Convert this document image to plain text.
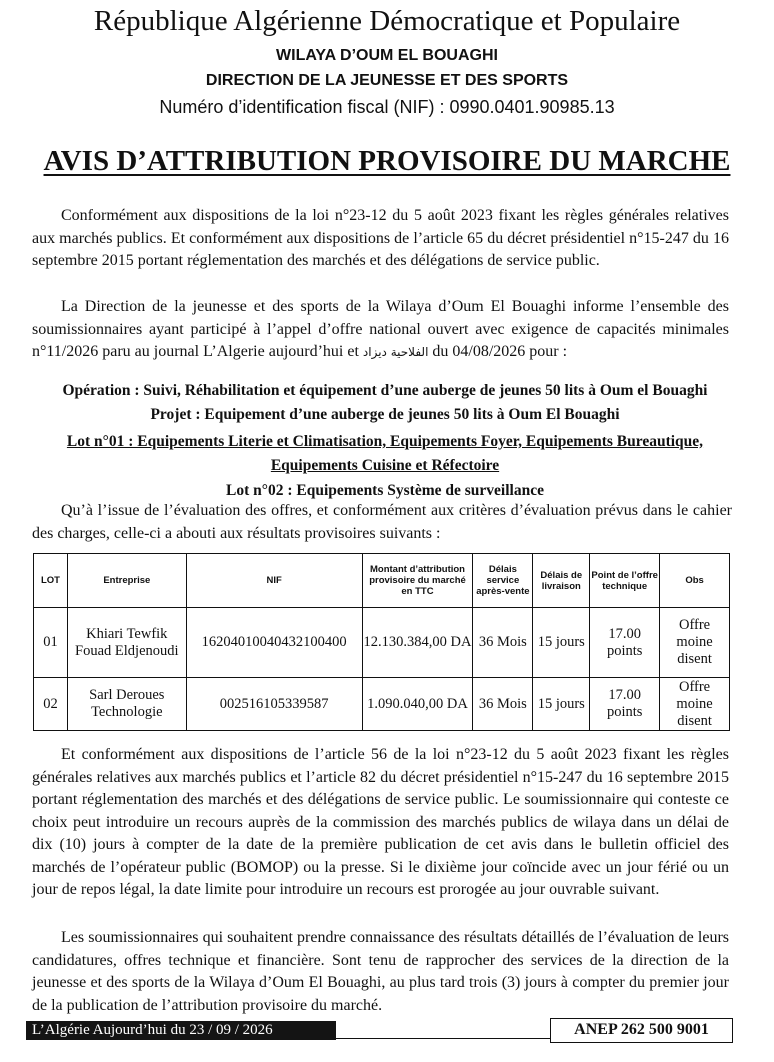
République Algérienne Démocratique et Populaire
WILAYA D’OUM EL BOUAGHI
DIRECTION DE LA JEUNESSE ET DES SPORTS
Numéro d’identification fiscal (NIF) : 0990.0401.90985.13
AVIS D’ATTRIBUTION PROVISOIRE DU MARCHE
Conformément aux dispositions de la loi n°23-12 du 5 août 2023 fixant les règles générales relatives aux marchés publics. Et conformément aux dispositions de l’article 65 du décret présidentiel n°15-247 du 16 septembre 2015 portant réglementation des marchés et des délégations de service public.
La Direction de la jeunesse et des sports de la Wilaya d’Oum El Bouaghi informe l’ensemble des soumissionnaires ayant participé à l’appel d’offre national ouvert avec exigence de capacités minimales n°11/2026 paru au journal L’Algerie aujourd’hui et الفلاحية ديزاد du 04/08/2026 pour :
Opération : Suivi, Réhabilitation et équipement d’une auberge de jeunes 50 lits à Oum el Bouaghi
Projet : Equipement d’une auberge de jeunes 50 lits à Oum El Bouaghi
Lot n°01 : Equipements Literie et Climatisation, Equipements Foyer, Equipements Bureautique,
Equipements Cuisine et Réfectoire
Lot n°02 : Equipements Système de surveillance
Qu’à l’issue de l’évaluation des offres, et conformément aux critères d’évaluation prévus dans le cahier des charges, celle-ci a abouti aux résultats provisoires suivants :
LOT	Entreprise	NIF	Montant d’attribution provisoire du marché en TTC	Délais service après-vente	Délais de livraison	Point de l’offre technique	Obs
01	Khiari Tewfik Fouad Eldjenoudi	16204010040432100400	12.130.384,00 DA	36 Mois	15 jours	17.00 points	Offre moine disent
02	Sarl Deroues Technologie	002516105339587	1.090.040,00 DA	36 Mois	15 jours	17.00 points	Offre moine disent
Et conformément aux dispositions de l’article 56 de la loi n°23-12 du 5 août 2023 fixant les règles générales relatives aux marchés publics et l’article 82 du décret présidentiel n°15-247 du 16 septembre 2015 portant réglementation des marchés et des délégations de service public. Le soumissionnaire qui conteste ce choix peut introduire un recours auprès de la commission des marchés publics de wilaya dans un délai de dix (10) jours à compter de la date de la première publication de cet avis dans le bulletin officiel des marchés de l’opérateur public (BOMOP) ou la presse. Si le dixième jour coïncide avec un jour férié ou un jour de repos légal, la date limite pour introduire un recours est prorogée au jour ouvrable suivant.
Les soumissionnaires qui souhaitent prendre connaissance des résultats détaillés de l’évaluation de leurs candidatures, offres technique et financière. Sont tenu de rapprocher des services de la direction de la jeunesse et des sports de la Wilaya d’Oum El Bouaghi, au plus tard trois (3) jours à compter du premier jour de la publication de l’attribution provisoire du marché.
L’Algérie Aujourd’hui du 23 / 09 / 2026	ANEP 262 500 9001
